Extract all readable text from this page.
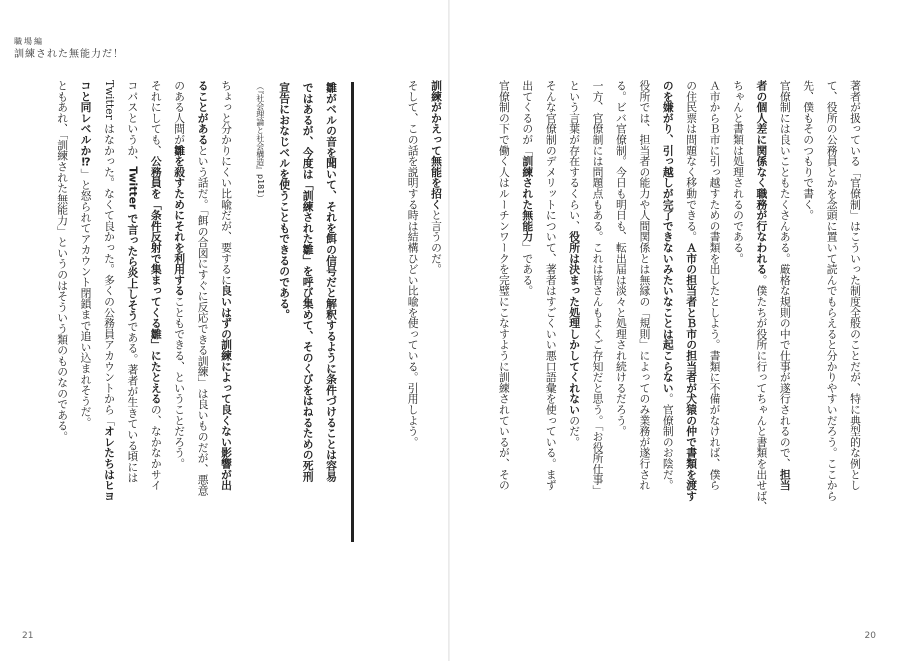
職場編
訓練された無能力だ！

著者が扱っている「官僚制」はこういった制度全般のことだが、特に典型的な例とし

て、役所の公務員とかを念頭に置いて読んでもらえると分かりやすいだろう。ここから

先、僕もそのつもりで書く。

官僚制には良いこともたくさんある。厳格な規則の中で仕事が遂行されるので、担当

者の個人差に関係なく職務が行なわれる。僕たちが役所に行ってちゃんと書類を出せば、

ちゃんと書類は処理されるのである。

Ａ市からＢ市に引っ越すための書類を出したとしよう。書類に不備がなければ、僕ら

の住民票は問題なく移動できる。Ａ市の担当者とＢ市の担当者が犬猿の仲で書類を渡す

のを嫌がり、引っ越しが完了できないみたいなことは起こらない。官僚制のお陰だ。

役所では、担当者の能力や人間関係とは無縁の「規則」によってのみ業務が遂行され

る。ビバ官僚制。今日も明日も、転出届は淡々と処理され続けるだろう。

一方、官僚制には問題点もある。これは皆さんもよくご存知だと思う。「お役所仕事」

という言葉が存在するくらい、役所は決まった処理しかしてくれないのだ。

そんな官僚制のデメリットについて、著者はすごくいい悪口語彙を使っている。まず

出てくるのが「訓練された無能力」である。

官僚制の下で働く人はルーチンワークを完璧にこなすように訓練されているが、その

訓練がかえって無能を招くと言うのだ。

そして、この話を説明する時は結構ひどい比喩を使っている。引用しよう。

雛がベルの音を聞いて、それを餌の信号だと解釈するように条件づけることは容易

ではあるが、今度は「訓練された雛」を呼び集めて、そのくびをはねるための死刑

宣告におなじベルを使うこともできるのである。

（『社会理論と社会構造』p181）

ちょっと分かりにくい比喩だが、要するに良いはずの訓練によって良くない影響が出

ることがあるという話だ。「餌の合図にすぐに反応できる訓練」は良いものだが、悪意

のある人間が雛を殺すためにそれを利用することもできる、ということだろう。

それにしても、公務員を「条件反射で集まってくる雛」にたとえるの、なかなかサイ

コパスというか、Twitter で言ったら炎上しそうである。著者が生きている頃には

Twitter はなかった。なくて良かった。多くの公務員アカウントから「オレたちはヒヨ

コと同レベルか⁉」と怒られてアカウント閉鎖まで追い込まれそうだ。

ともあれ、「訓練された無能力」というのはそういう類のものなのである。

21	20
